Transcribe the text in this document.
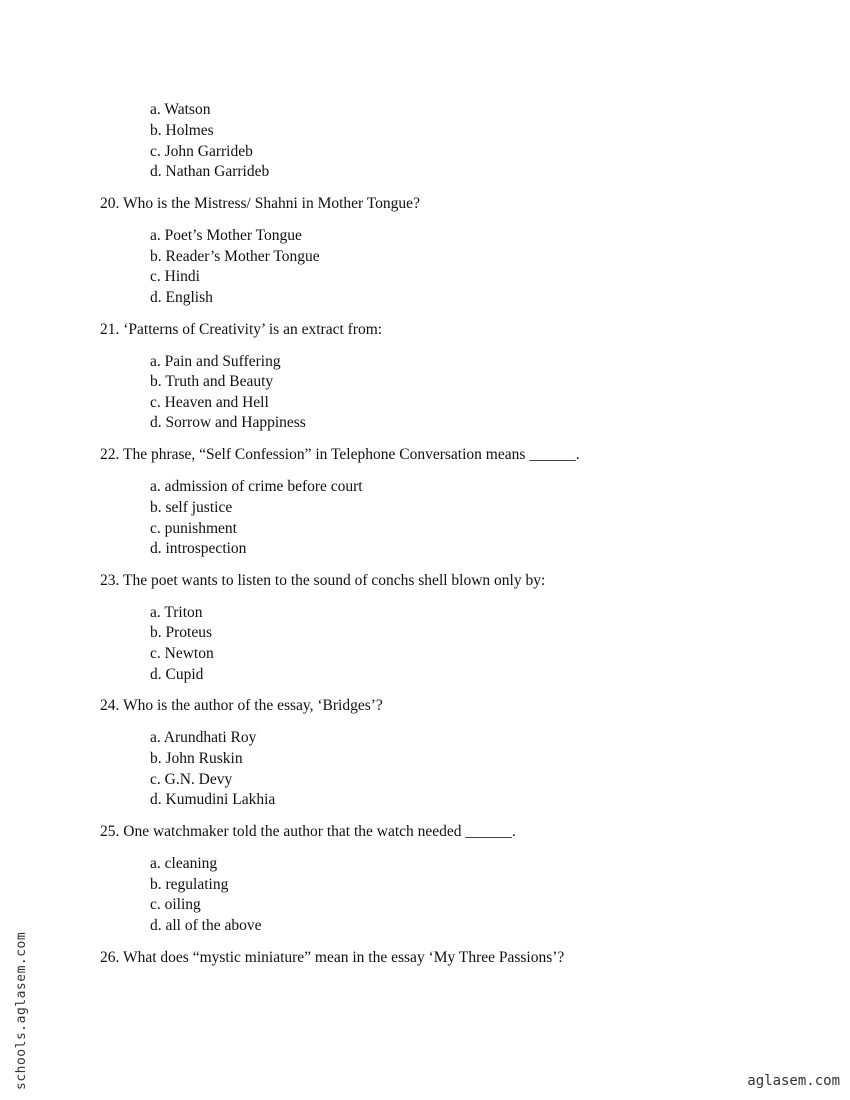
a. Watson
b. Holmes
c. John Garrideb
d. Nathan Garrideb
20. Who is the Mistress/ Shahni in Mother Tongue?
a. Poet’s Mother Tongue
b. Reader’s Mother Tongue
c. Hindi
d. English
21. ‘Patterns of Creativity’ is an extract from:
a. Pain and Suffering
b. Truth and Beauty
c. Heaven and Hell
d. Sorrow and Happiness
22. The phrase, “Self Confession” in Telephone Conversation means ______.
a. admission of crime before court
b. self justice
c. punishment
d. introspection
23. The poet wants to listen to the sound of conchs shell blown only by:
a. Triton
b. Proteus
c. Newton
d. Cupid
24. Who is the author of the essay, ‘Bridges’?
a. Arundhati Roy
b. John Ruskin
c. G.N. Devy
d. Kumudini Lakhia
25. One watchmaker told the author that the watch needed ______.
a. cleaning
b. regulating
c. oiling
d. all of the above
26. What does “mystic miniature” mean in the essay ‘My Three Passions’?
schools.aglasem.com	aglasem.com
